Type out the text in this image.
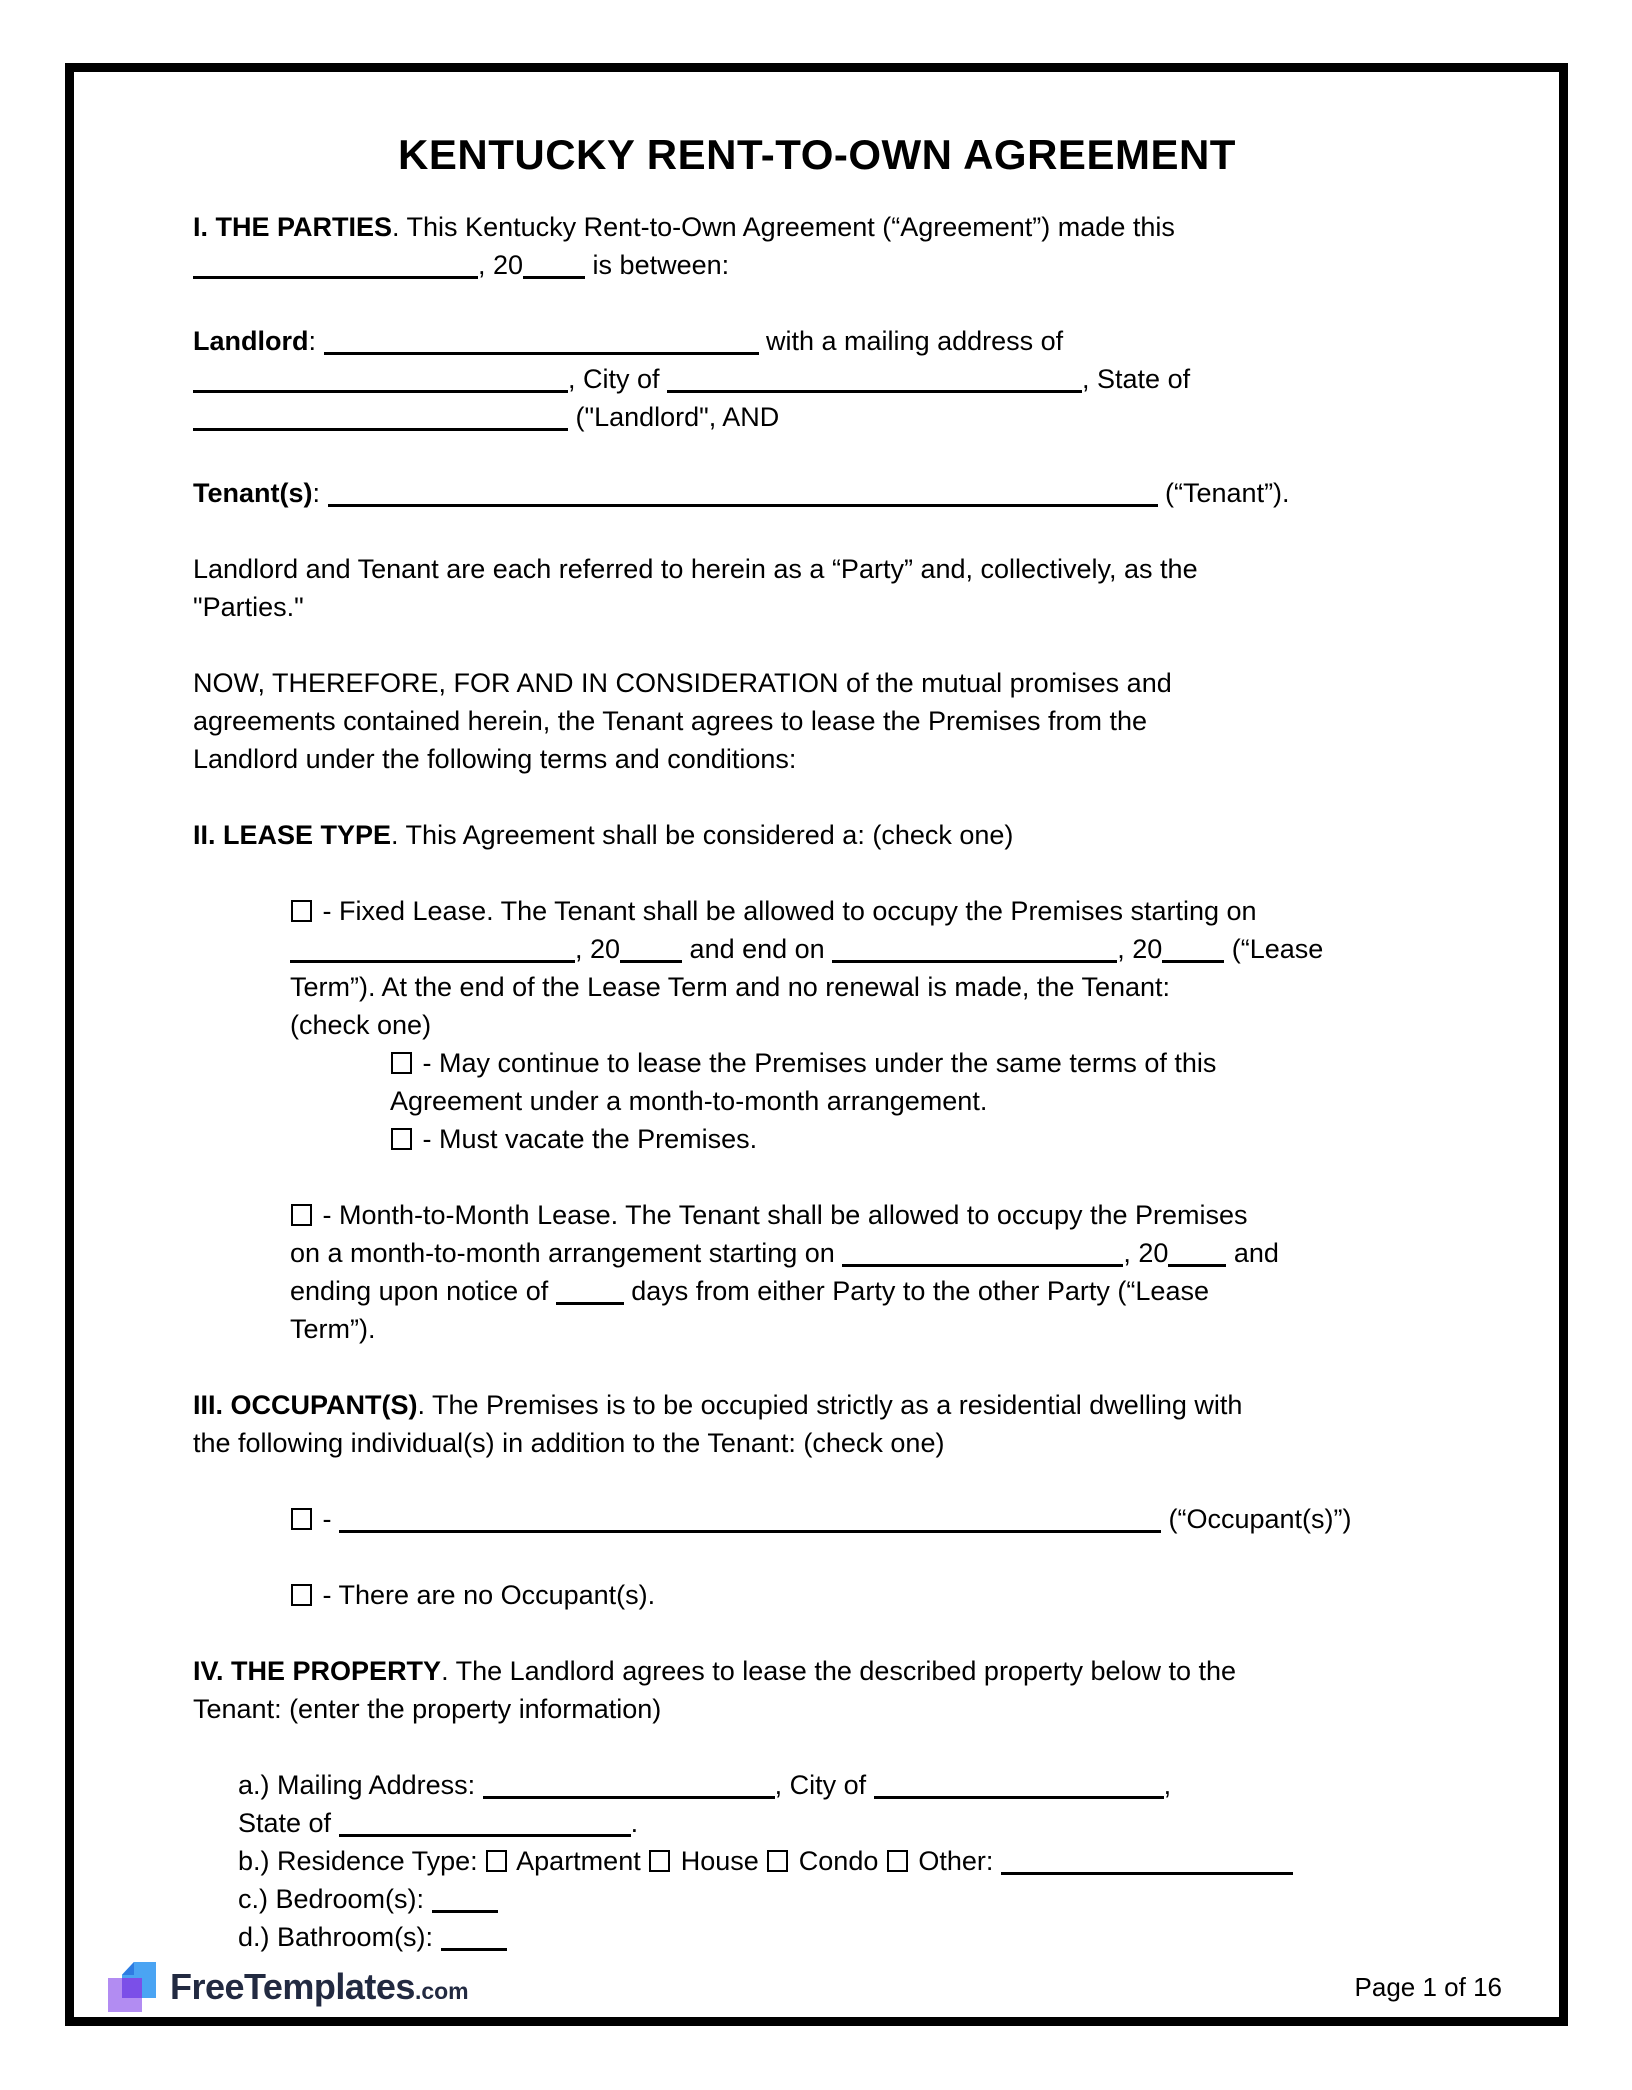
KENTUCKY RENT-TO-OWN AGREEMENT
I. THE PARTIES. This Kentucky Rent-to-Own Agreement (“Agreement”) made this
, 20 is between:
Landlord:	with a mailing address of
, City of	, State of
("Landlord", AND
Tenant(s):	(“Tenant”).
Landlord and Tenant are each referred to herein as a “Party” and, collectively, as the
"Parties."
NOW, THEREFORE, FOR AND IN CONSIDERATION of the mutual promises and
agreements contained herein, the Tenant agrees to lease the Premises from the
Landlord under the following terms and conditions:
II. LEASE TYPE. This Agreement shall be considered a: (check one)
- Fixed Lease. The Tenant shall be allowed to occupy the Premises starting on
, 20 and end on	, 20 (“Lease
Term”). At the end of the Lease Term and no renewal is made, the Tenant:
(check one)
- May continue to lease the Premises under the same terms of this
Agreement under a month-to-month arrangement.
- Must vacate the Premises.
- Month-to-Month Lease. The Tenant shall be allowed to occupy the Premises
on a month-to-month arrangement starting on	, 20 and
ending upon notice of	days from either Party to the other Party (“Lease
Term”).
III. OCCUPANT(S). The Premises is to be occupied strictly as a residential dwelling with
the following individual(s) in addition to the Tenant: (check one)
-	(“Occupant(s)”)
- There are no Occupant(s).
IV. THE PROPERTY. The Landlord agrees to lease the described property below to the
Tenant: (enter the property information)
a.) Mailing Address:	, City of	,
State of	.
b.) Residence Type:  Apartment  House  Condo  Other:
c.) Bedroom(s):
d.) Bathroom(s):
FreeTemplates .com	Page 1 of 16
